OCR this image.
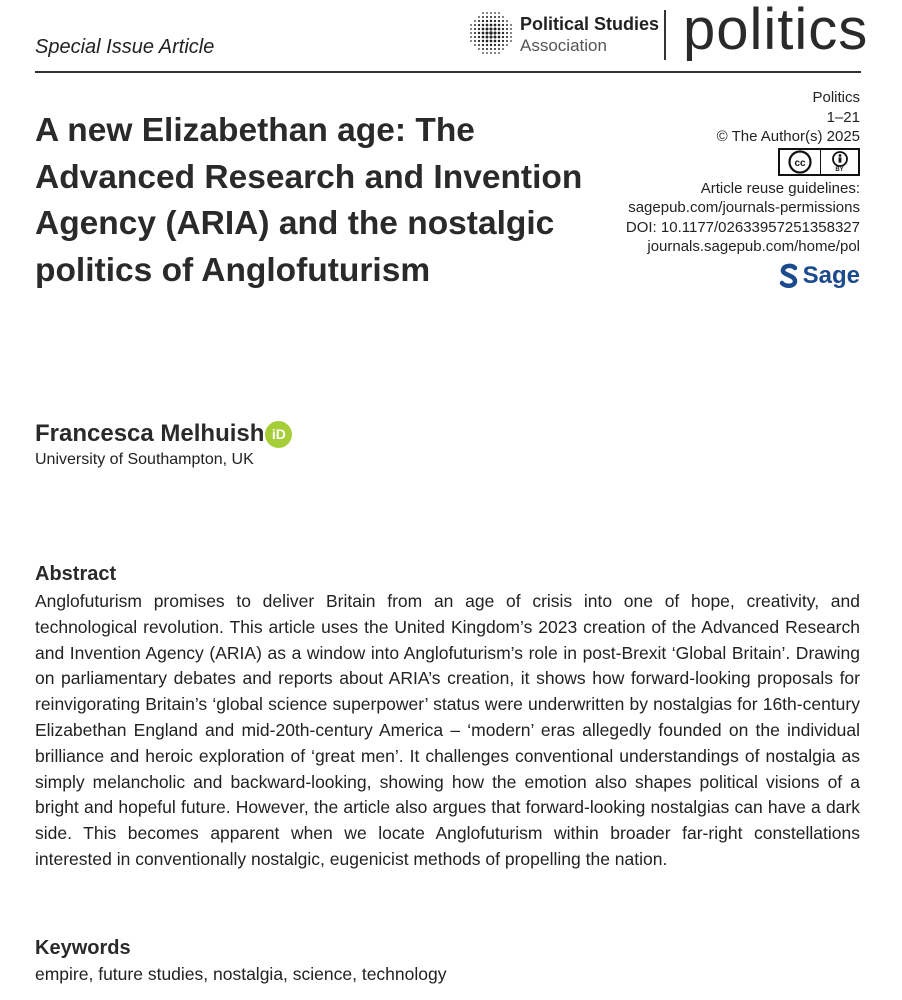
Special Issue Article
Political Studies
Association	politics
A new Elizabethan age: The Advanced Research and Invention Agency (ARIA) and the nostalgic politics of Anglofuturism
Politics
1–21
© The Author(s) 2025
cc
BY
Article reuse guidelines:
sagepub.com/journals-permissions
DOI: 10.1177/02633957251358327
journals.sagepub.com/home/pol
Sage
Francesca Melhuish iD
University of Southampton, UK
Abstract

Anglofuturism promises to deliver Britain from an age of crisis into one of hope, creativity, and technological revolution. This article uses the United Kingdom’s 2023 creation of the Advanced Research and Invention Agency (ARIA) as a window into Anglofuturism’s role in post-Brexit ‘Global Britain’. Drawing on parliamentary debates and reports about ARIA’s creation, it shows how forward-looking proposals for reinvigorating Britain’s ‘global science superpower’ status were underwritten by nostalgias for 16th-century Elizabethan England and mid-20th-century America – ‘modern’ eras allegedly founded on the individual brilliance and heroic exploration of ‘great men’. It challenges conventional understandings of nostalgia as simply melancholic and backward-looking, showing how the emotion also shapes political visions of a bright and hopeful future. However, the article also argues that forward-looking nostalgias can have a dark side. This becomes apparent when we locate Anglofuturism within broader far-right constellations interested in conventionally nostalgic, eugenicist methods of propelling the nation.

Keywords
empire, future studies, nostalgia, science, technology
